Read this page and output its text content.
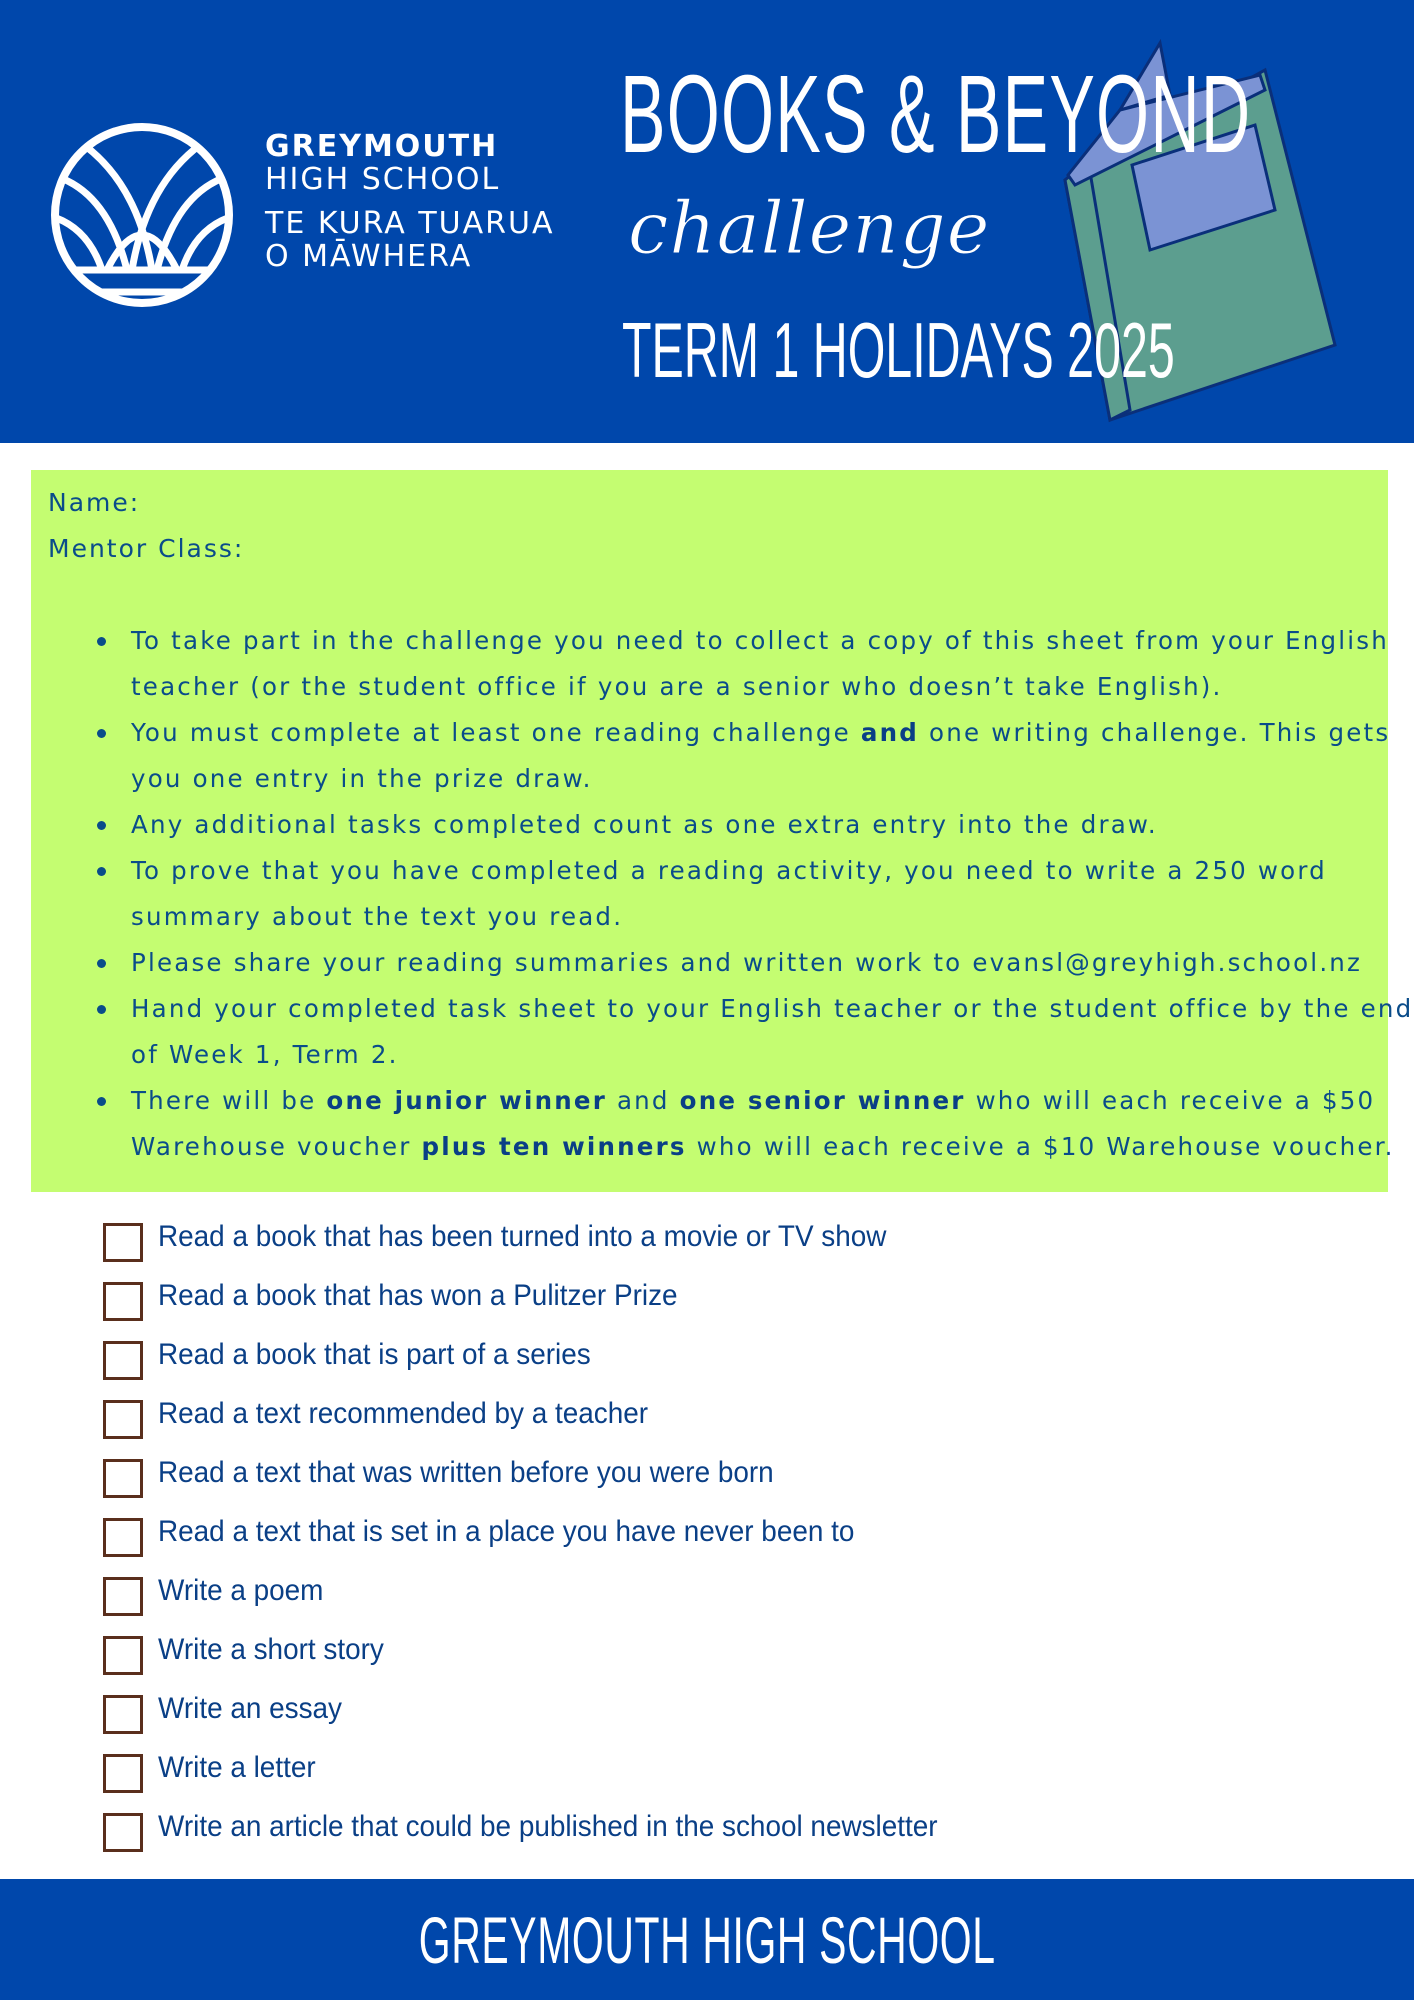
GREYMOUTH
HIGH SCHOOL
TE KURA TUARUA
O MĀWHERA
BOOKS & BEYOND
challenge
TERM 1 HOLIDAYS 2025
Name:
Mentor Class:
To take part in the challenge you need to collect a copy of this sheet from your English teacher (or the student office if you are a senior who doesn’t take English).
You must complete at least one reading challenge and one writing challenge. This gets you one entry in the prize draw.
Any additional tasks completed count as one extra entry into the draw.
To prove that you have completed a reading activity, you need to write a 250 word summary about the text you read.
Please share your reading summaries and written work to evansl@greyhigh.school.nz
Hand your completed task sheet to your English teacher or the student office by the end of Week 1, Term 2.
There will be one junior winner and one senior winner who will each receive a $50 Warehouse voucher plus ten winners who will each receive a $10 Warehouse voucher.
Read a book that has been turned into a movie or TV show
Read a book that has won a Pulitzer Prize
Read a book that is part of a series
Read a text recommended by a teacher
Read a text that was written before you were born
Read a text that is set in a place you have never been to
Write a poem
Write a short story
Write an essay
Write a letter
Write an article that could be published in the school newsletter
GREYMOUTH HIGH SCHOOL
